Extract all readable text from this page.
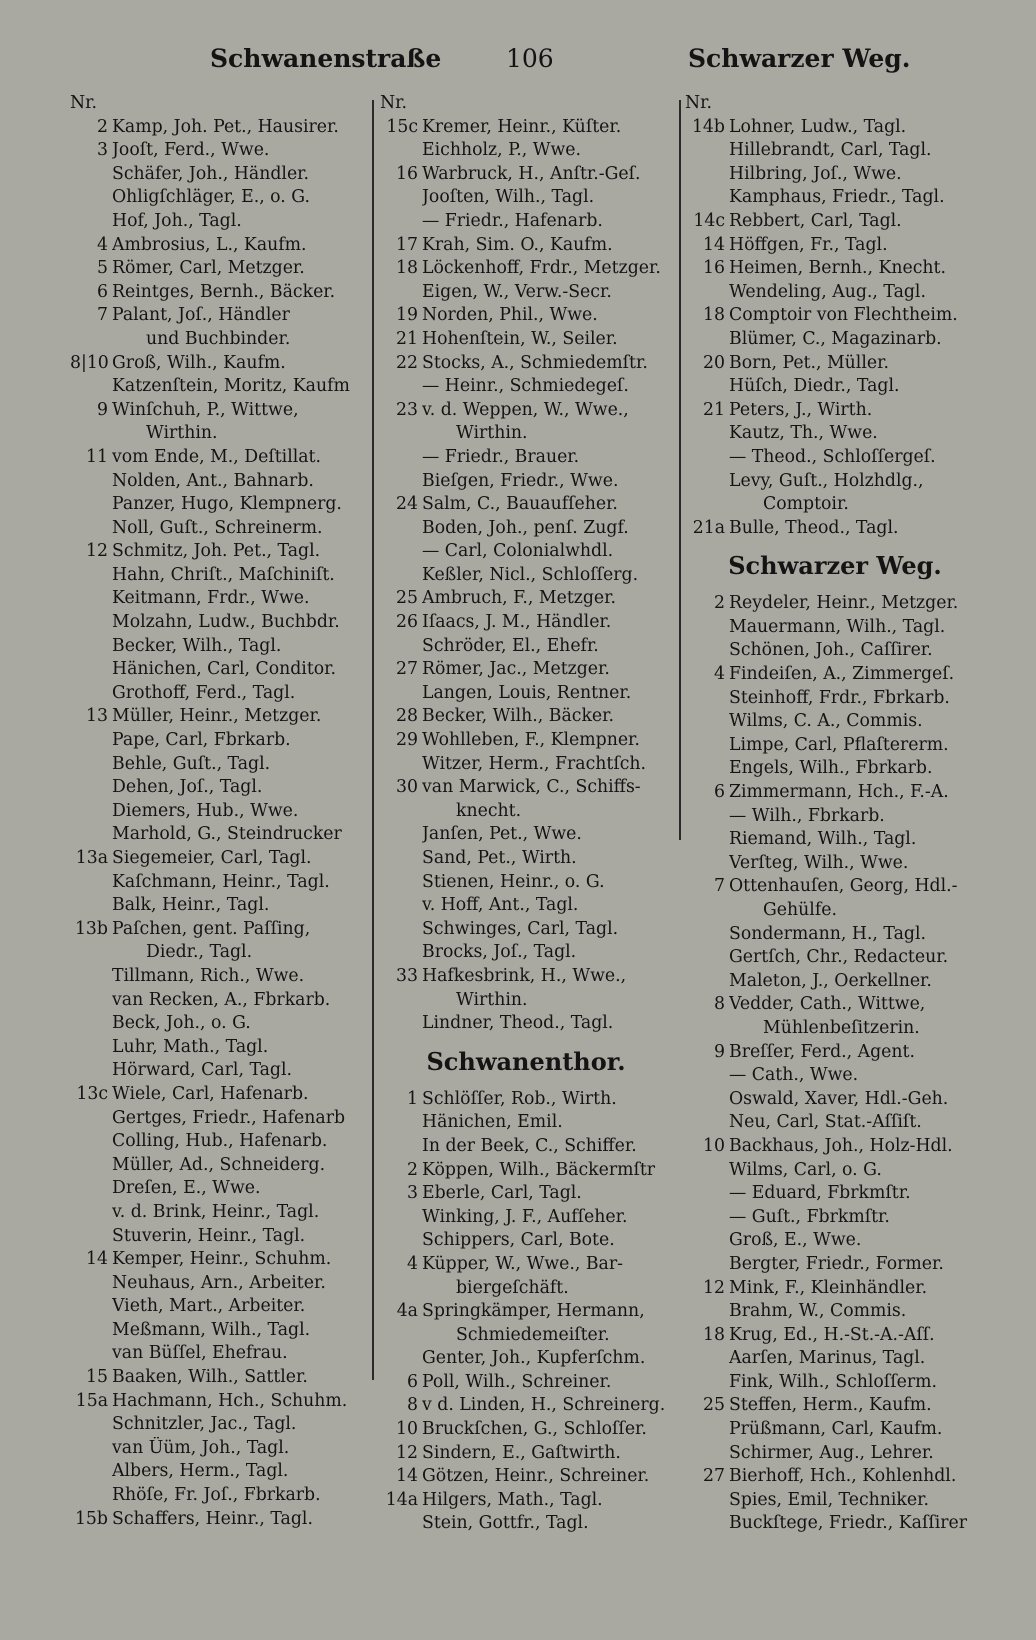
Schwanenstraße	106	Schwarzer Weg.
Nr.
2 Kamp, Joh. Pet., Hausirer.
3 Jooſt, Ferd., Wwe.
Schäfer, Joh., Händler.
Ohligſchläger, E., o. G.
Hof, Joh., Tagl.
4 Ambrosius, L., Kaufm.
5 Römer, Carl, Metzger.
6 Reintges, Bernh., Bäcker.
7 Palant, Joſ., Händler
und Buchbinder.
8|10 Groß, Wilh., Kaufm.
Katzenſtein, Moritz, Kaufm
9 Winſchuh, P., Wittwe,
Wirthin.
11 vom Ende, M., Deſtillat.
Nolden, Ant., Bahnarb.
Panzer, Hugo, Klempnerg.
Noll, Guſt., Schreinerm.
12 Schmitz, Joh. Pet., Tagl.
Hahn, Chriſt., Maſchiniſt.
Keitmann, Frdr., Wwe.
Molzahn, Ludw., Buchbdr.
Becker, Wilh., Tagl.
Hänichen, Carl, Conditor.
Grothoff, Ferd., Tagl.
13 Müller, Heinr., Metzger.
Pape, Carl, Fbrkarb.
Behle, Guſt., Tagl.
Dehen, Joſ., Tagl.
Diemers, Hub., Wwe.
Marhold, G., Steindrucker
13a Siegemeier, Carl, Tagl.
Kaſchmann, Heinr., Tagl.
Balk, Heinr., Tagl.
13b Paſchen, gent. Paſſing,
Diedr., Tagl.
Tillmann, Rich., Wwe.
van Recken, A., Fbrkarb.
Beck, Joh., o. G.
Luhr, Math., Tagl.
Hörward, Carl, Tagl.
13c Wiele, Carl, Hafenarb.
Gertges, Friedr., Hafenarb
Colling, Hub., Hafenarb.
Müller, Ad., Schneiderg.
Dreſen, E., Wwe.
v. d. Brink, Heinr., Tagl.
Stuverin, Heinr., Tagl.
14 Kemper, Heinr., Schuhm.
Neuhaus, Arn., Arbeiter.
Vieth, Mart., Arbeiter.
Meßmann, Wilh., Tagl.
van Büſſel, Ehefrau.
15 Baaken, Wilh., Sattler.
15a Hachmann, Hch., Schuhm.
Schnitzler, Jac., Tagl.
van Üüm, Joh., Tagl.
Albers, Herm., Tagl.
Rhöſe, Fr. Joſ., Fbrkarb.
15b Schaffers, Heinr., Tagl.
Nr.
15c Kremer, Heinr., Küſter.
Eichholz, P., Wwe.
16 Warbruck, H., Anſtr.-Geſ.
Jooſten, Wilh., Tagl.
— Friedr., Hafenarb.
17 Krah, Sim. O., Kaufm.
18 Löckenhoff, Frdr., Metzger.
Eigen, W., Verw.-Secr.
19 Norden, Phil., Wwe.
21 Hohenſtein, W., Seiler.
22 Stocks, A., Schmiedemſtr.
— Heinr., Schmiedegeſ.
23 v. d. Weppen, W., Wwe.,
Wirthin.
— Friedr., Brauer.
Bieſgen, Friedr., Wwe.
24 Salm, C., Bauaufſeher.
Boden, Joh., penſ. Zugf.
— Carl, Colonialwhdl.
Keßler, Nicl., Schloſſerg.
25 Ambruch, F., Metzger.
26 Iſaacs, J. M., Händler.
Schröder, El., Ehefr.
27 Römer, Jac., Metzger.
Langen, Louis, Rentner.
28 Becker, Wilh., Bäcker.
29 Wohlleben, F., Klempner.
Witzer, Herm., Frachtſch.
30 van Marwick, C., Schiffs-
knecht.
Janſen, Pet., Wwe.
Sand, Pet., Wirth.
Stienen, Heinr., o. G.
v. Hoff, Ant., Tagl.
Schwinges, Carl, Tagl.
Brocks, Joſ., Tagl.
33 Hafkesbrink, H., Wwe.,
Wirthin.
Lindner, Theod., Tagl.
Schwanenthor.
1 Schlöſſer, Rob., Wirth.
Hänichen, Emil.
In der Beek, C., Schiffer.
2 Köppen, Wilh., Bäckermſtr
3 Eberle, Carl, Tagl.
Winking, J. F., Aufſeher.
Schippers, Carl, Bote.
4 Küpper, W., Wwe., Bar-
biergeſchäft.
4a Springkämper, Hermann,
Schmiedemeiſter.
Genter, Joh., Kupferſchm.
6 Poll, Wilh., Schreiner.
8 v d. Linden, H., Schreinerg.
10 Bruckſchen, G., Schloſſer.
12 Sindern, E., Gaſtwirth.
14 Götzen, Heinr., Schreiner.
14a Hilgers, Math., Tagl.
Stein, Gottfr., Tagl.
Nr.
14b Lohner, Ludw., Tagl.
Hillebrandt, Carl, Tagl.
Hilbring, Joſ., Wwe.
Kamphaus, Friedr., Tagl.
14c Rebbert, Carl, Tagl.
14 Höffgen, Fr., Tagl.
16 Heimen, Bernh., Knecht.
Wendeling, Aug., Tagl.
18 Comptoir von Flechtheim.
Blümer, C., Magazinarb.
20 Born, Pet., Müller.
Hüſch, Diedr., Tagl.
21 Peters, J., Wirth.
Kautz, Th., Wwe.
— Theod., Schloſſergeſ.
Levy, Guſt., Holzhdlg.,
Comptoir.
21a Bulle, Theod., Tagl.
Schwarzer Weg.
2 Reydeler, Heinr., Metzger.
Mauermann, Wilh., Tagl.
Schönen, Joh., Caſſirer.
4 Findeiſen, A., Zimmergeſ.
Steinhoff, Frdr., Fbrkarb.
Wilms, C. A., Commis.
Limpe, Carl, Pflaſtererm.
Engels, Wilh., Fbrkarb.
6 Zimmermann, Hch., F.-A.
— Wilh., Fbrkarb.
Riemand, Wilh., Tagl.
Verſteg, Wilh., Wwe.
7 Ottenhauſen, Georg, Hdl.-
Gehülfe.
Sondermann, H., Tagl.
Gertſch, Chr., Redacteur.
Maleton, J., Oerkellner.
8 Vedder, Cath., Wittwe,
Mühlenbeſitzerin.
9 Breſſer, Ferd., Agent.
— Cath., Wwe.
Oswald, Xaver, Hdl.-Geh.
Neu, Carl, Stat.-Aſſiſt.
10 Backhaus, Joh., Holz-Hdl.
Wilms, Carl, o. G.
— Eduard, Fbrkmſtr.
— Guſt., Fbrkmſtr.
Groß, E., Wwe.
Bergter, Friedr., Former.
12 Mink, F., Kleinhändler.
Brahm, W., Commis.
18 Krug, Ed., H.-St.-A.-Aſſ.
Aarſen, Marinus, Tagl.
Fink, Wilh., Schloſſerm.
25 Steffen, Herm., Kaufm.
Prüßmann, Carl, Kaufm.
Schirmer, Aug., Lehrer.
27 Bierhoff, Hch., Kohlenhdl.
Spies, Emil, Techniker.
Buckſtege, Friedr., Kaſſirer
